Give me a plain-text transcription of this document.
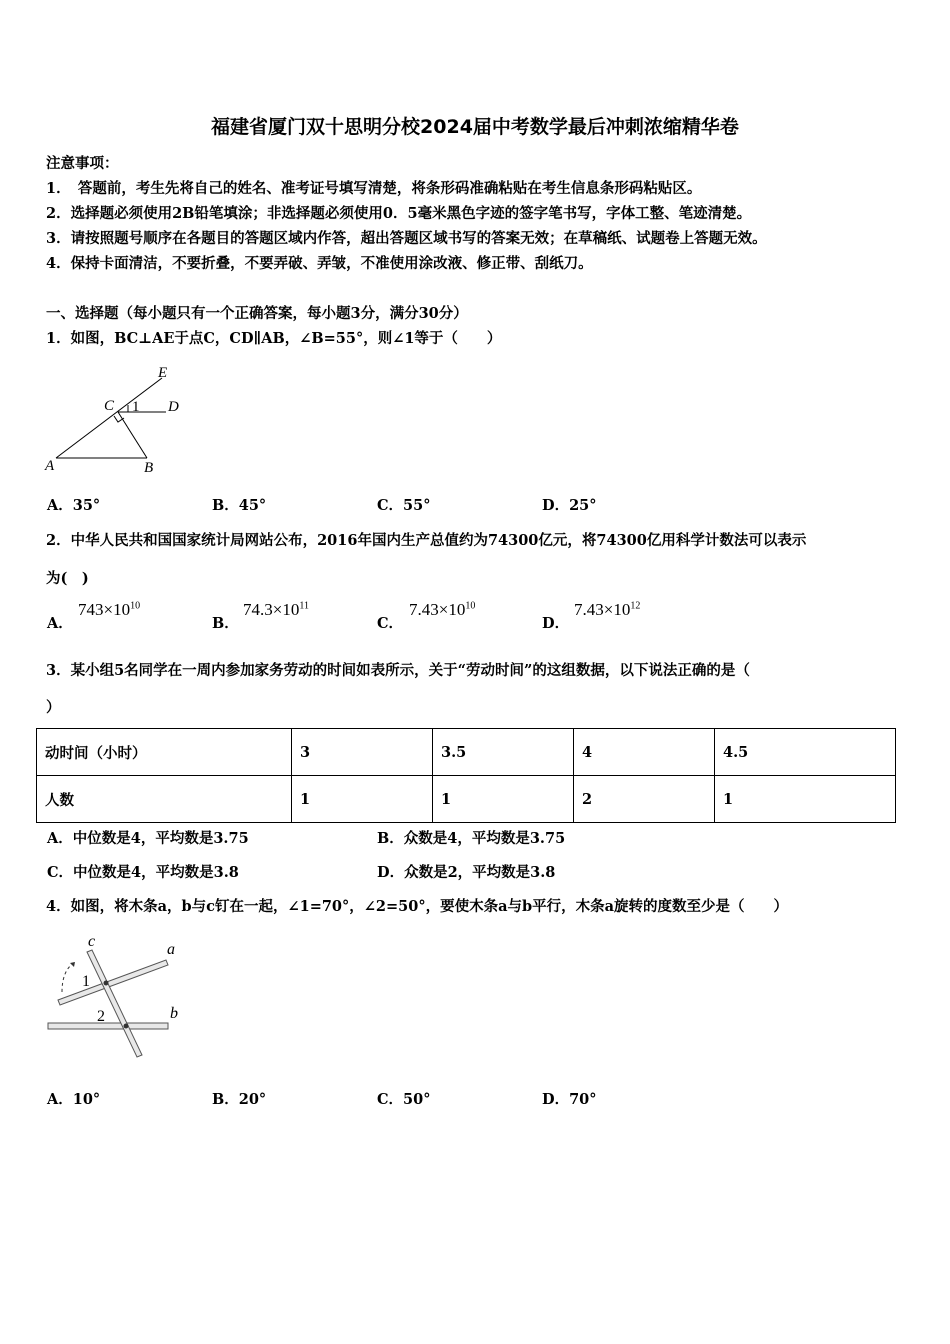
福建省厦门双十思明分校2024届中考数学最后冲刺浓缩精华卷
注意事项：
1．　答题前，考生先将自己的姓名、准考证号填写清楚，将条形码准确粘贴在考生信息条形码粘贴区。
2．选择题必须使用2B铅笔填涂；非选择题必须使用0．5毫米黑色字迹的签字笔书写，字体工整、笔迹清楚。
3．请按照题号顺序在各题目的答题区域内作答，超出答题区域书写的答案无效；在草稿纸、试题卷上答题无效。
4．保持卡面清洁，不要折叠，不要弄破、弄皱，不准使用涂改液、修正带、刮纸刀。
一、选择题（每小题只有一个正确答案，每小题3分，满分30分）
1．如图，BC⊥AE于点C，CD∥AB，∠B=55°，则∠1等于（　　）
E
C	D
A	B
1
A．35°	B．45°	C．55°	D．25°
2．中华人民共和国国家统计局网站公布，2016年国内生产总值约为74300亿元，将74300亿用科学计数法可以表示
为(　)
A．
$743\times 10^{10}$
B．
$74.3\times 10^{11}$
C．
$7.43\times 10^{10}$
D．
$7.43\times 10^{12}$
3．某小组5名同学在一周内参加家务劳动的时间如表所示，关于“劳动时间”的这组数据，以下说法正确的是（
）
动时间（小时）	3	3.5	4	4.5
人数	1	1	2	1
A．中位数是4，平均数是3.75	B．众数是4，平均数是3.75
C．中位数是4，平均数是3.8	D．众数是2，平均数是3.8
4．如图，将木条a，b与c钉在一起，∠1=70°，∠2=50°，要使木条a与b平行，木条a旋转的度数至少是（　　）
c	a
b
1
2
A．10°	B．20°	C．50°	D．70°
